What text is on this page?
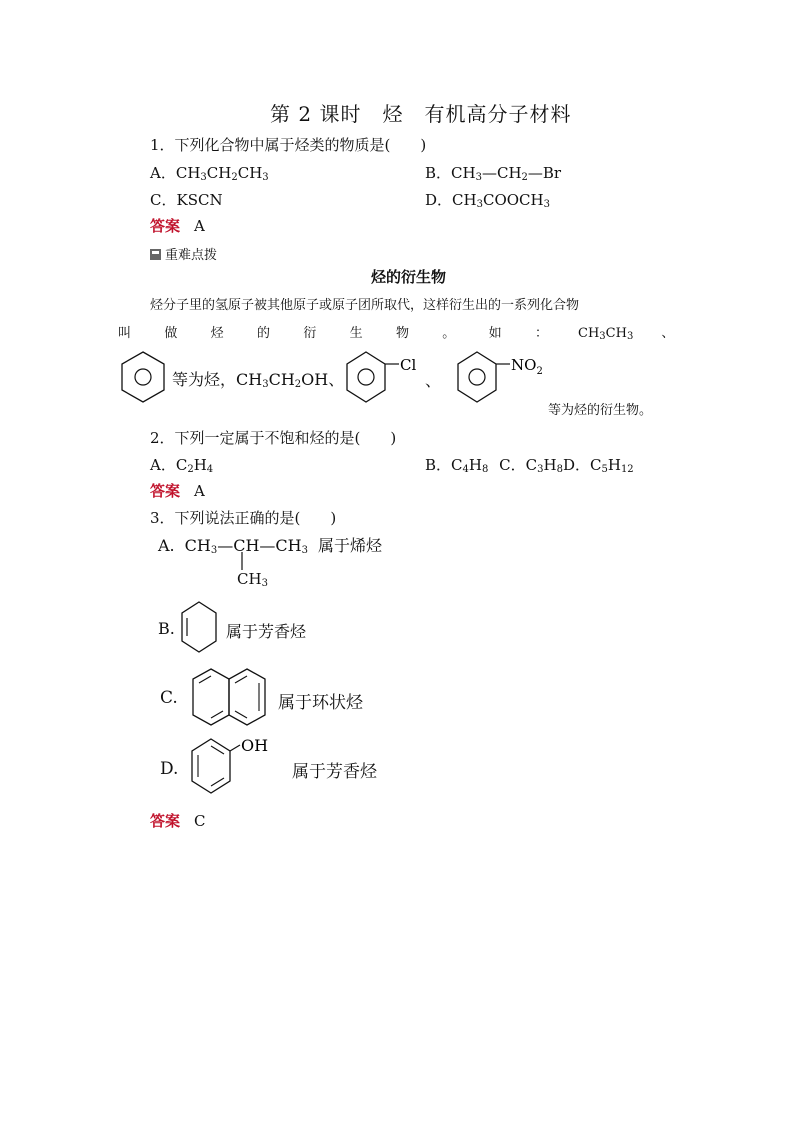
第 2 课时　烃　有机高分子材料
1．下列化合物中属于烃类的物质是(　　)
A．$CH_3CH_2CH_3$	B．$CH_3—CH_2—Br$
C．KSCN	D．$CH_3COOCH_3$
答案 A
重难点拨
烃的衍生物
烃分子里的氢原子被其他原子或原子团所取代，这样衍生出的一系列化合物
叫	做	烃	的	衍	生	物	。	如	： $CH_3CH_3$ 、
等为烃，$CH_3CH_2OH$、
Cl
、
$NO_2$
等为烃的衍生物。
2．下列一定属于不饱和烃的是(　　)
A．$C_2H_4$	B．$C_4H_8$ C．$C_3H_8D$．$C_5H_{12}$
答案 A
3．下列说法正确的是(　　)
A. $CH_3—CH—CH_3$ 属于烯烃
$CH_3$
B.	属于芳香烃
C.	属于环状烃
D.
OH
属于芳香烃
答案 C
